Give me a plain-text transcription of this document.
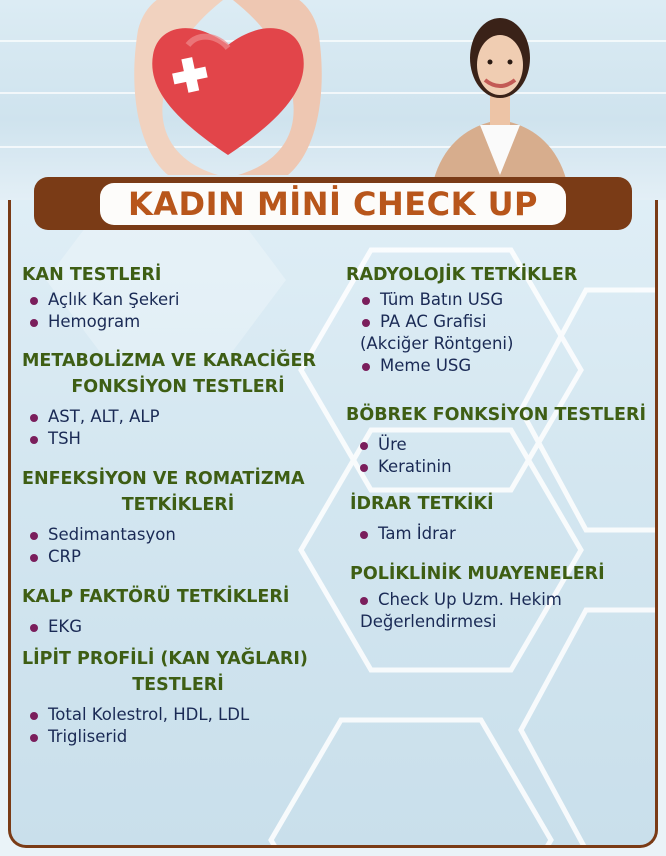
KADIN MİNİ CHECK UP
KAN TESTLERİ
Açlık Kan Şekeri
Hemogram
METABOLİZMA VE KARACİĞER
FONKSİYON TESTLERİ
AST, ALT, ALP
TSH
ENFEKSİYON VE ROMATİZMA
TETKİKLERİ
Sedimantasyon
CRP
KALP FAKTÖRÜ TETKİKLERİ
EKG
LİPİT PROFİLİ (KAN YAĞLARI)
TESTLERİ
Total Kolestrol, HDL, LDL
Trigliserid
RADYOLOJİK TETKİKLER
Tüm Batın USG
PA AC Grafisi
(Akciğer Röntgeni)
Meme USG
BÖBREK FONKSİYON TESTLERİ
Üre
Keratinin
İDRAR TETKİKİ
Tam İdrar
POLİKLİNİK MUAYENELERİ
Check Up Uzm. Hekim
Değerlendirmesi
